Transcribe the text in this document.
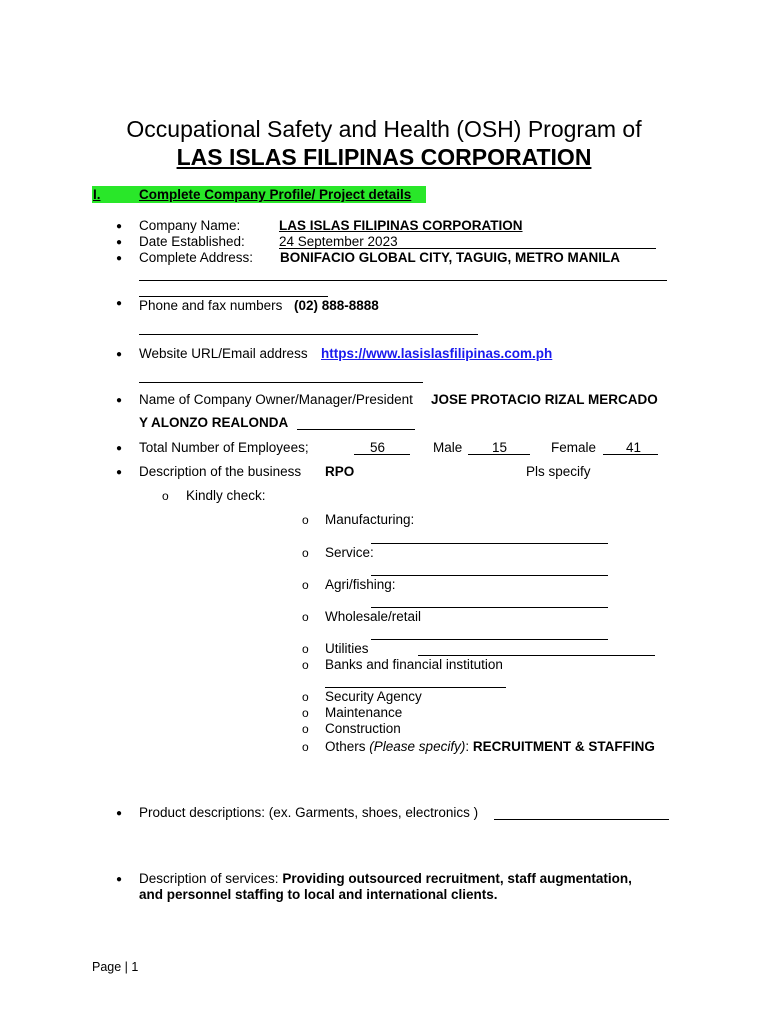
Occupational Safety and Health (OSH) Program of
LAS ISLAS FILIPINAS CORPORATION
I.	Complete Company Profile/ Project details
● Company Name:	LAS ISLAS FILIPINAS CORPORATION
● Date Established:	24 September 2023
● Complete Address: BONIFACIO GLOBAL CITY, TAGUIG, METRO MANILA
● Phone and fax numbers (02) 888-8888
● Website URL/Email address https://www.lasislasfilipinas.com.ph
● Name of Company Owner/Manager/President JOSE PROTACIO RIZAL MERCADO
Y ALONZO REALONDA
● Total Number of Employees;	56	Male 15	Female 41
● Description of the business RPO	Pls specify
o Kindly check:
o Manufacturing:
o Service:
o Agri/fishing:
o Wholesale/retail
o Utilities
o Banks and financial institution
o Security Agency
o Maintenance
o Construction
o Others (Please specify): RECRUITMENT & STAFFING
● Product descriptions: (ex. Garments, shoes, electronics )
● Description of services: Providing outsourced recruitment, staff augmentation,
and personnel staffing to local and international clients.
Page | 1
